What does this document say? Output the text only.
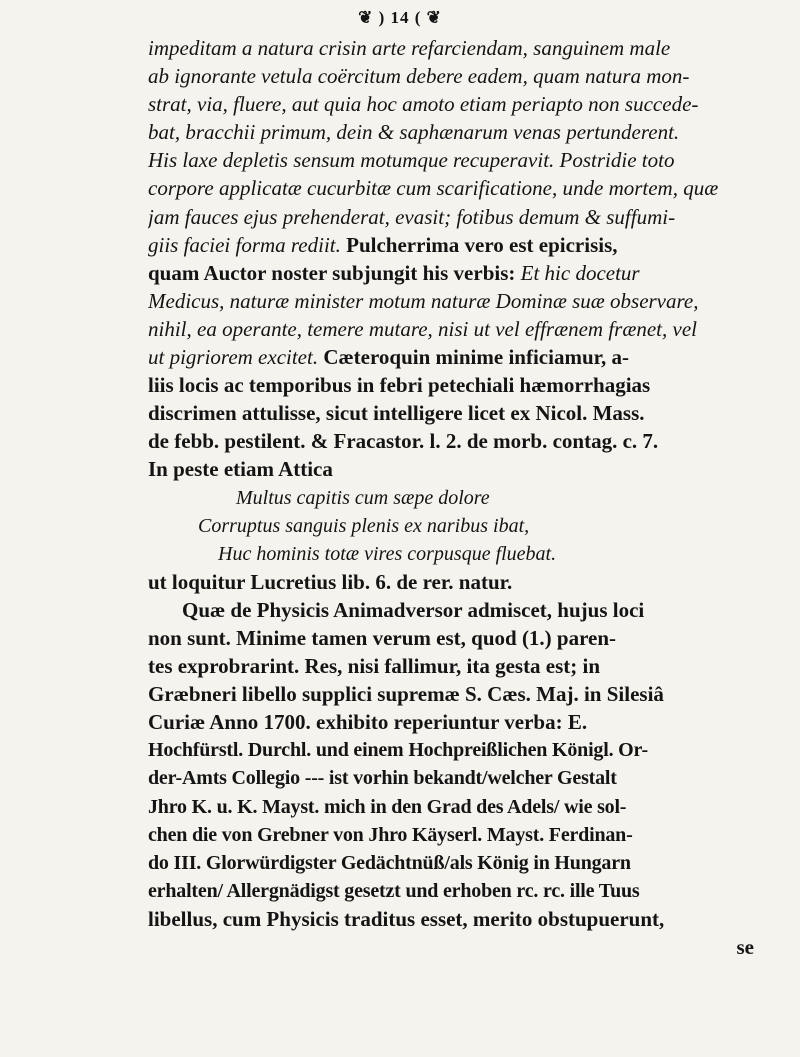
❦ ) 14 ( ❦
impeditam a natura crisin arte refarciendam, sanguinem male
ab ignorante vetula coërcitum debere eadem, quam natura mon-
strat, via, fluere, aut quia hoc amoto etiam periapto non succede-
bat, bracchii primum, dein & saphænarum venas pertunderent.
His laxe depletis sensum motumque recuperavit. Postridie toto
corpore applicatæ cucurbitæ cum scarificatione, unde mortem, quæ
jam fauces ejus prehenderat, evasit; fotibus demum & suffumi-
giis faciei forma rediit. Pulcherrima vero est epicrisis,
quam Auctor noster subjungit his verbis: Et hic docetur
Medicus, naturæ minister motum naturæ Dominæ suæ observare,
nihil, ea operante, temere mutare, nisi ut vel effrænem frænet, vel
ut pigriorem excitet. Cæteroquin minime inficiamur, a-
liis locis ac temporibus in febri petechiali hæmorrhagias
discrimen attulisse, sicut intelligere licet ex Nicol. Mass.
de febb. pestilent. & Fracastor. l. 2. de morb. contag. c. 7.
In peste etiam Attica
Multus capitis cum sæpe dolore
Corruptus sanguis plenis ex naribus ibat,
Huc hominis totæ vires corpusque fluebat.
ut loquitur Lucretius lib. 6. de rer. natur.
Quæ de Physicis Animadversor admiscet, hujus loci
non sunt. Minime tamen verum est, quod (1.) paren-
tes exprobrarint. Res, nisi fallimur, ita gesta est; in
Græbneri libello supplici supremæ S. Cæs. Maj. in Silesiâ
Curiæ Anno 1700. exhibito reperiuntur verba: E.
Hochfürstl. Durchl. und einem Hochpreißlichen Königl. Or-
der-Amts Collegio --- ist vorhin bekandt/welcher Gestalt
Jhro K. u. K. Mayst. mich in den Grad des Adels/ wie sol-
chen die von Grebner von Jhro Käyserl. Mayst. Ferdinan-
do III. Glorwürdigster Gedächtnüß/als König in Hungarn
erhalten/ Allergnädigst gesetzt und erhoben rc. rc. ille Tuus
libellus, cum Physicis traditus esset, merito obstupuerunt,
se
